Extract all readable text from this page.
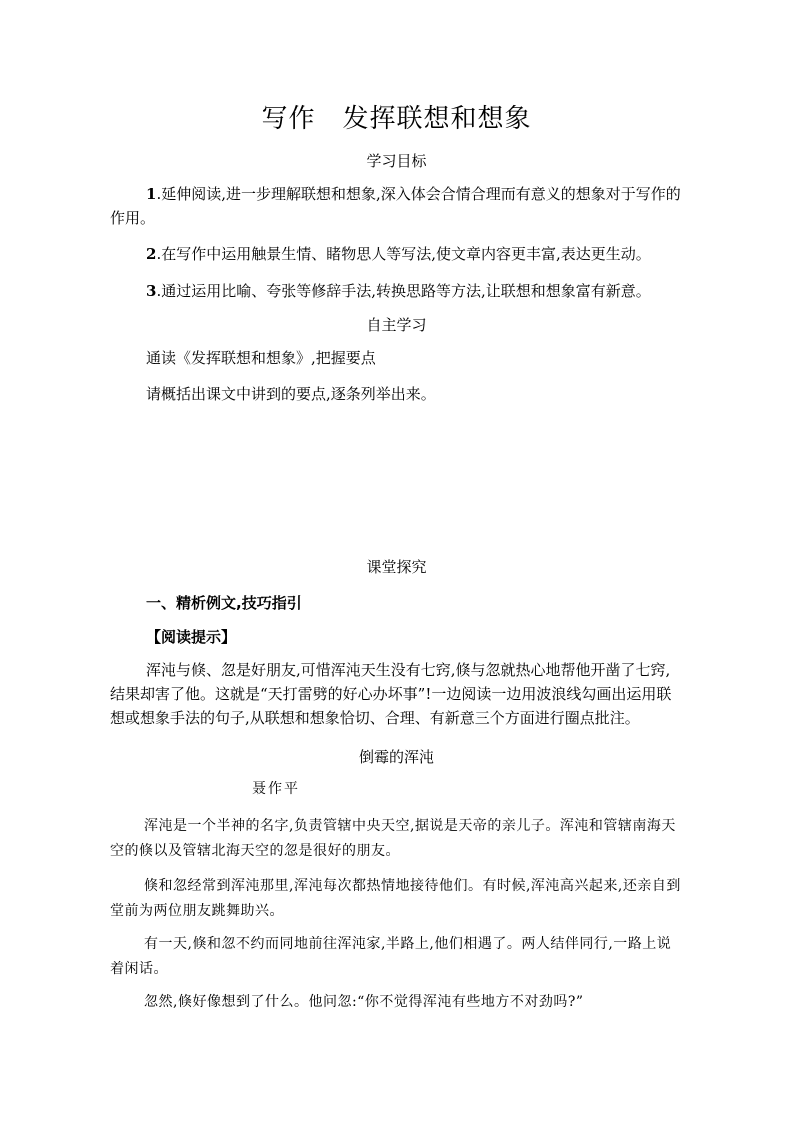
写作　发挥联想和想象
学习目标
1.延伸阅读,进一步理解联想和想象,深入体会合情合理而有意义的想象对于写作的作用。
2.在写作中运用触景生情、睹物思人等写法,使文章内容更丰富,表达更生动。
3.通过运用比喻、夸张等修辞手法,转换思路等方法,让联想和想象富有新意。
自主学习
通读《发挥联想和想象》,把握要点
请概括出课文中讲到的要点,逐条列举出来。
课堂探究
一、精析例文,技巧指引
【阅读提示】
浑沌与倏、忽是好朋友,可惜浑沌天生没有七窍,倏与忽就热心地帮他开凿了七窍,结果却害了他。这就是“天打雷劈的好心办坏事”!一边阅读一边用波浪线勾画出运用联想或想象手法的句子,从联想和想象恰切、合理、有新意三个方面进行圈点批注。
倒霉的浑沌
聂作平
浑沌是一个半神的名字,负责管辖中央天空,据说是天帝的亲儿子。浑沌和管辖南海天空的倏以及管辖北海天空的忽是很好的朋友。
倏和忽经常到浑沌那里,浑沌每次都热情地接待他们。有时候,浑沌高兴起来,还亲自到堂前为两位朋友跳舞助兴。
有一天,倏和忽不约而同地前往浑沌家,半路上,他们相遇了。两人结伴同行,一路上说着闲话。
忽然,倏好像想到了什么。他问忽:“你不觉得浑沌有些地方不对劲吗?”
